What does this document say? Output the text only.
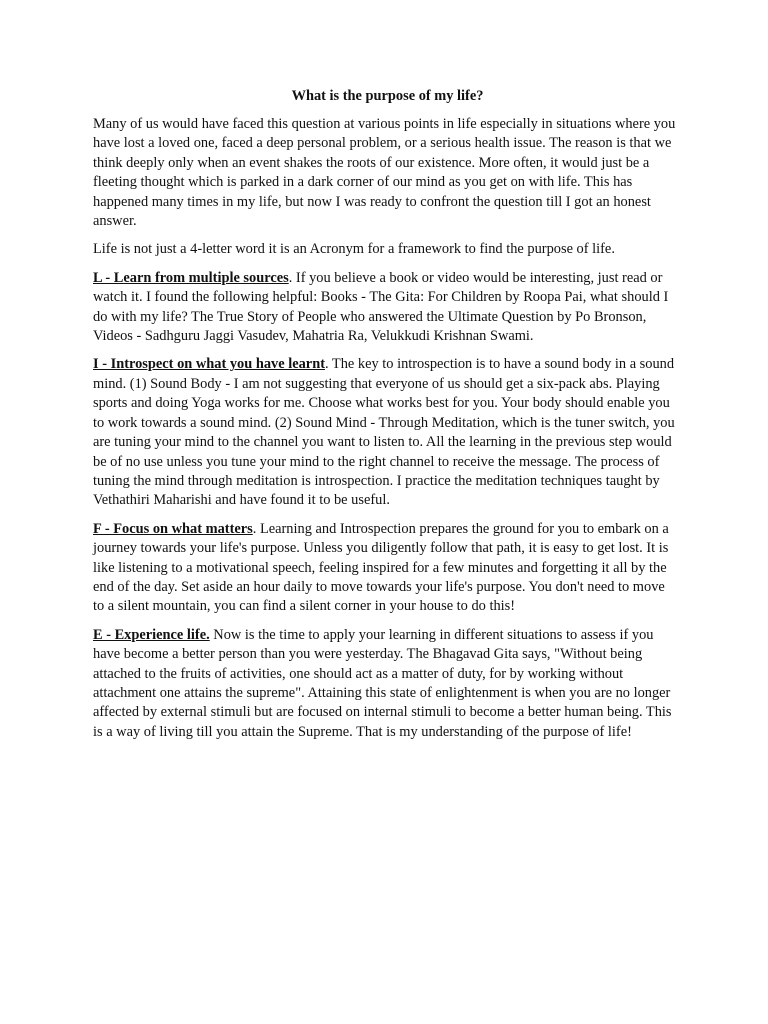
What is the purpose of my life?

Many of us would have faced this question at various points in life especially in situations where you have lost a loved one, faced a deep personal problem, or a serious health issue. The reason is that we think deeply only when an event shakes the roots of our existence. More often, it would just be a fleeting thought which is parked in a dark corner of our mind as you get on with life. This has happened many times in my life, but now I was ready to confront the question till I got an honest answer.

Life is not just a 4-letter word it is an Acronym for a framework to find the purpose of life.

L - Learn from multiple sources. If you believe a book or video would be interesting, just read or watch it. I found the following helpful: Books - The Gita: For Children by Roopa Pai, what should I do with my life? The True Story of People who answered the Ultimate Question by Po Bronson, Videos - Sadhguru Jaggi Vasudev, Mahatria Ra, Velukkudi Krishnan Swami.

I - Introspect on what you have learnt. The key to introspection is to have a sound body in a sound mind. (1) Sound Body - I am not suggesting that everyone of us should get a six-pack abs. Playing sports and doing Yoga works for me. Choose what works best for you. Your body should enable you to work towards a sound mind. (2) Sound Mind - Through Meditation, which is the tuner switch, you are tuning your mind to the channel you want to listen to. All the learning in the previous step would be of no use unless you tune your mind to the right channel to receive the message. The process of tuning the mind through meditation is introspection. I practice the meditation techniques taught by Vethathiri Maharishi and have found it to be useful.

F - Focus on what matters. Learning and Introspection prepares the ground for you to embark on a journey towards your life's purpose. Unless you diligently follow that path, it is easy to get lost. It is like listening to a motivational speech, feeling inspired for a few minutes and forgetting it all by the end of the day. Set aside an hour daily to move towards your life's purpose. You don't need to move to a silent mountain, you can find a silent corner in your house to do this!

E - Experience life. Now is the time to apply your learning in different situations to assess if you have become a better person than you were yesterday. The Bhagavad Gita says, "Without being attached to the fruits of activities, one should act as a matter of duty, for by working without attachment one attains the supreme". Attaining this state of enlightenment is when you are no longer affected by external stimuli but are focused on internal stimuli to become a better human being. This is a way of living till you attain the Supreme. That is my understanding of the purpose of life!
